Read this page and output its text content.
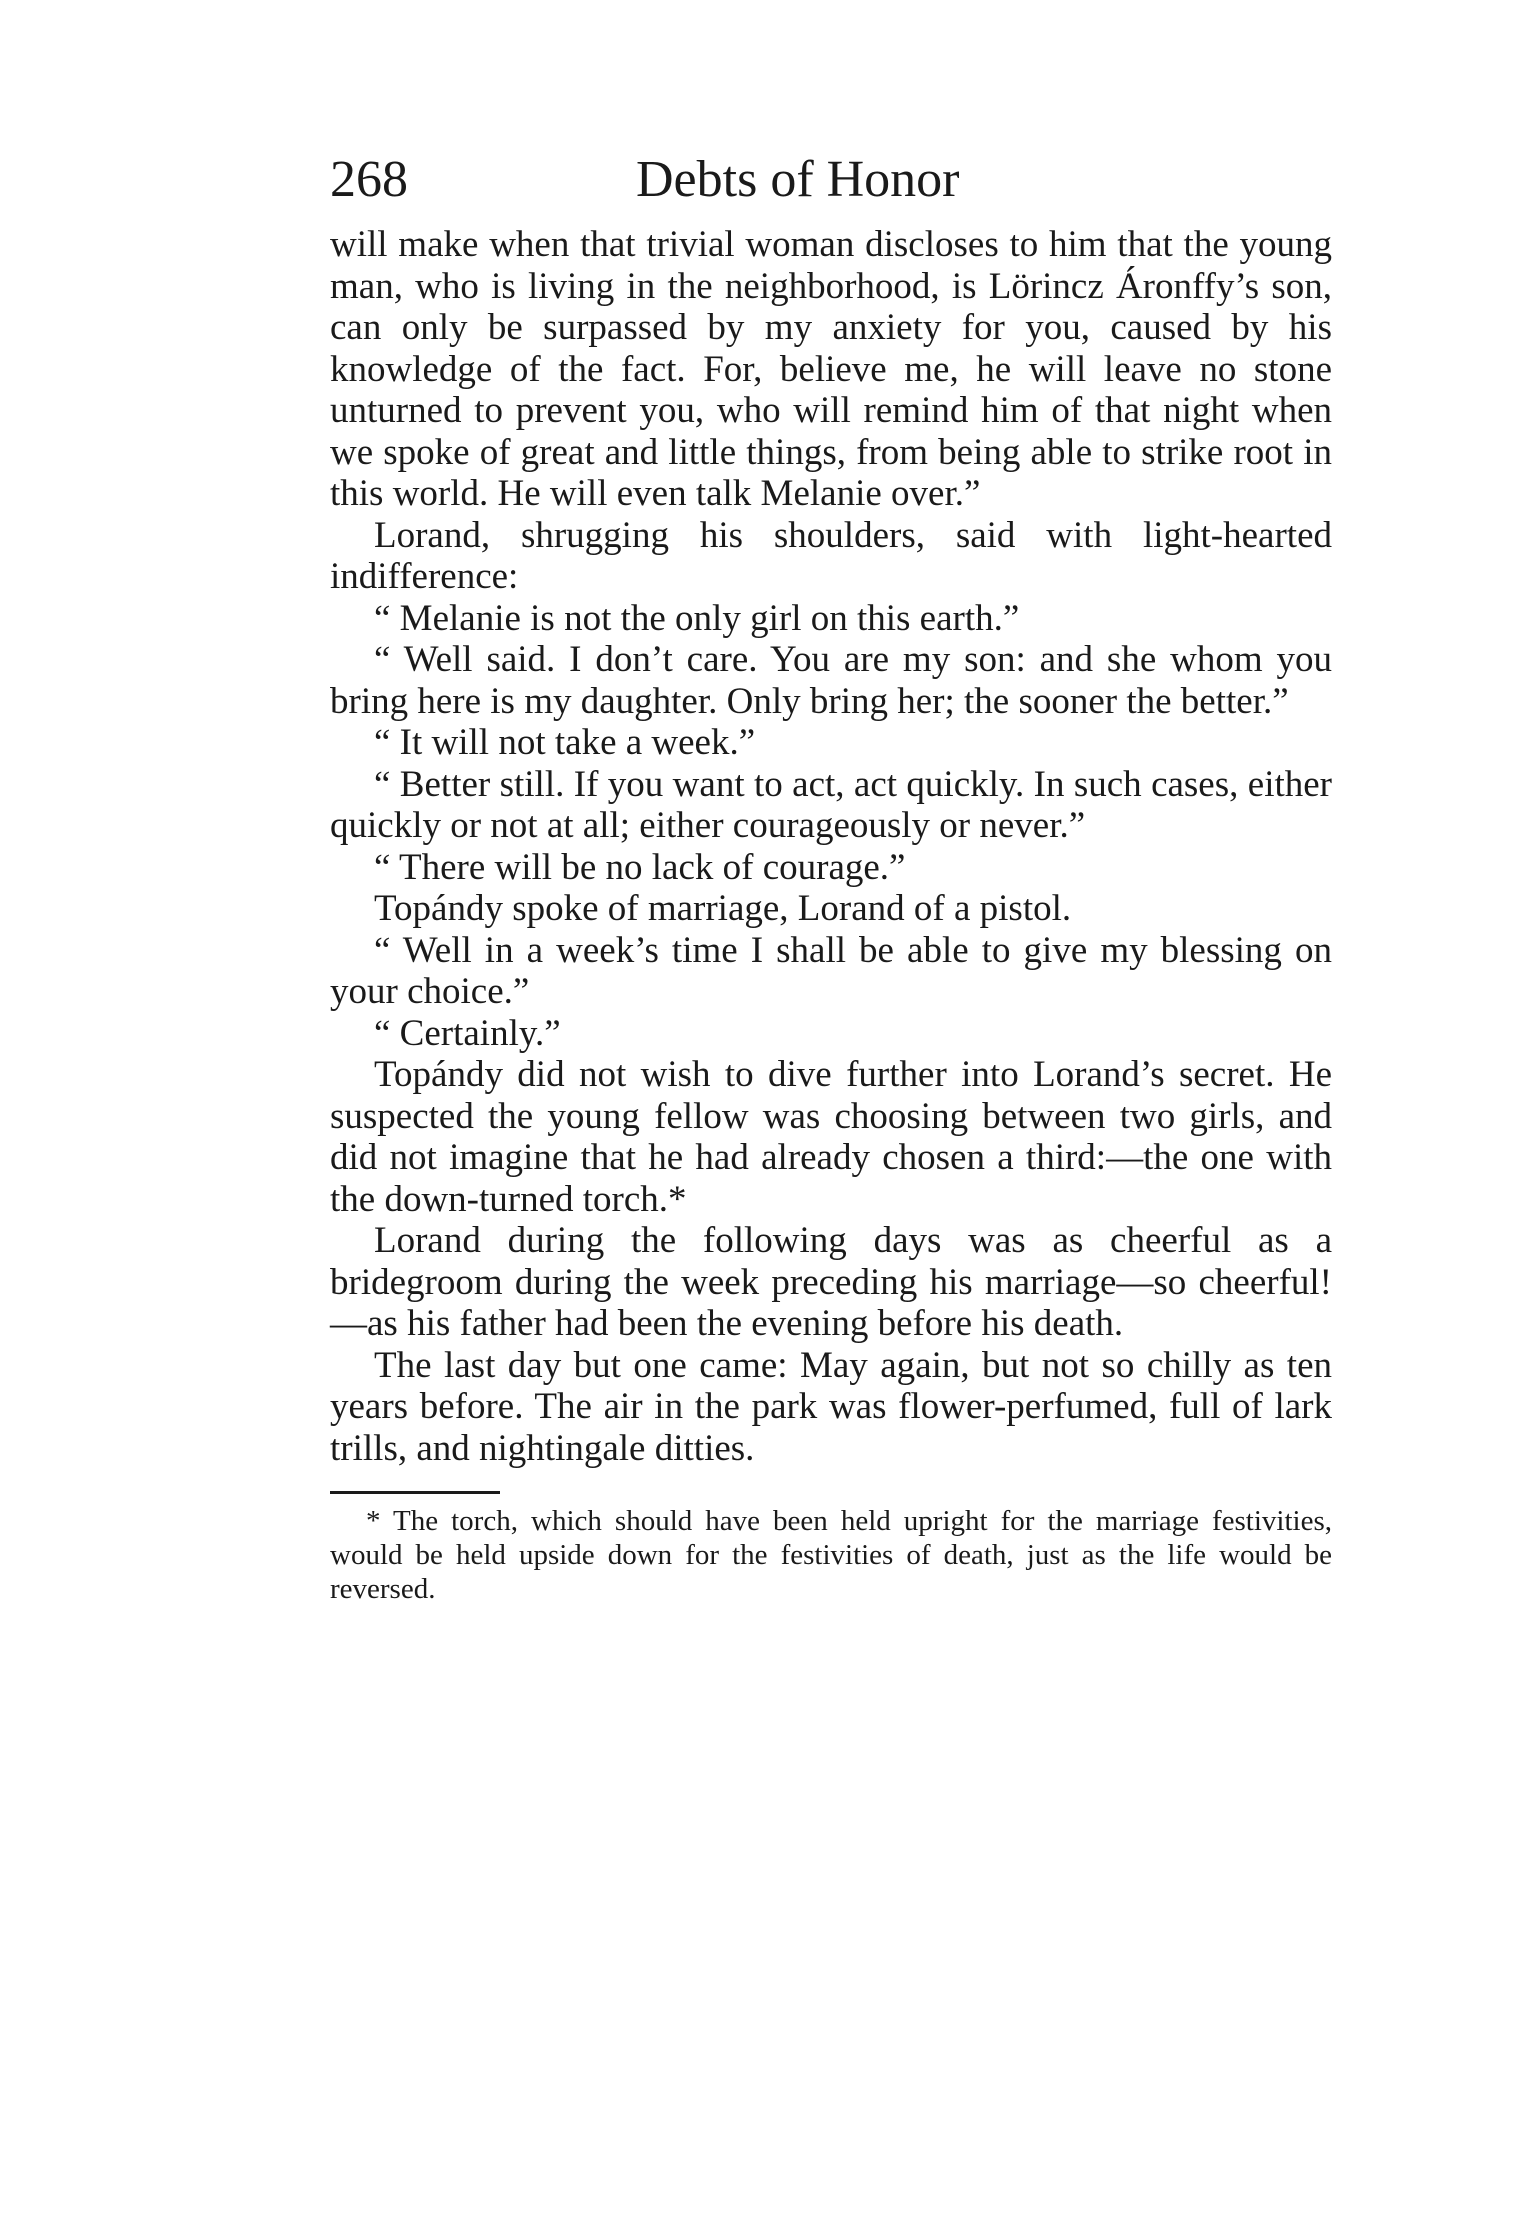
268	Debts of Honor

will make when that trivial woman discloses to him that the young man, who is living in the neighborhood, is Lörincz Áronffy’s son, can only be surpassed by my anxiety for you, caused by his knowledge of the fact. For, believe me, he will leave no stone unturned to prevent you, who will remind him of that night when we spoke of great and little things, from being able to strike root in this world. He will even talk Melanie over.”

Lorand, shrugging his shoulders, said with light-hearted indifference:

“ Melanie is not the only girl on this earth.”

“ Well said. I don’t care. You are my son: and she whom you bring here is my daughter. Only bring her; the sooner the better.”

“ It will not take a week.”

“ Better still. If you want to act, act quickly. In such cases, either quickly or not at all; either courageously or never.”

“ There will be no lack of courage.”

Topándy spoke of marriage, Lorand of a pistol.

“ Well in a week’s time I shall be able to give my blessing on your choice.”

“ Certainly.”

Topándy did not wish to dive further into Lorand’s secret. He suspected the young fellow was choosing between two girls, and did not imagine that he had already chosen a third:—the one with the down-turned torch.*

Lorand during the following days was as cheerful as a bridegroom during the week preceding his marriage—so cheerful!—as his father had been the evening before his death.

The last day but one came: May again, but not so chilly as ten years before. The air in the park was flower-perfumed, full of lark trills, and nightingale ditties.

* The torch, which should have been held upright for the marriage festivities, would be held upside down for the festivities of death, just as the life would be reversed.
